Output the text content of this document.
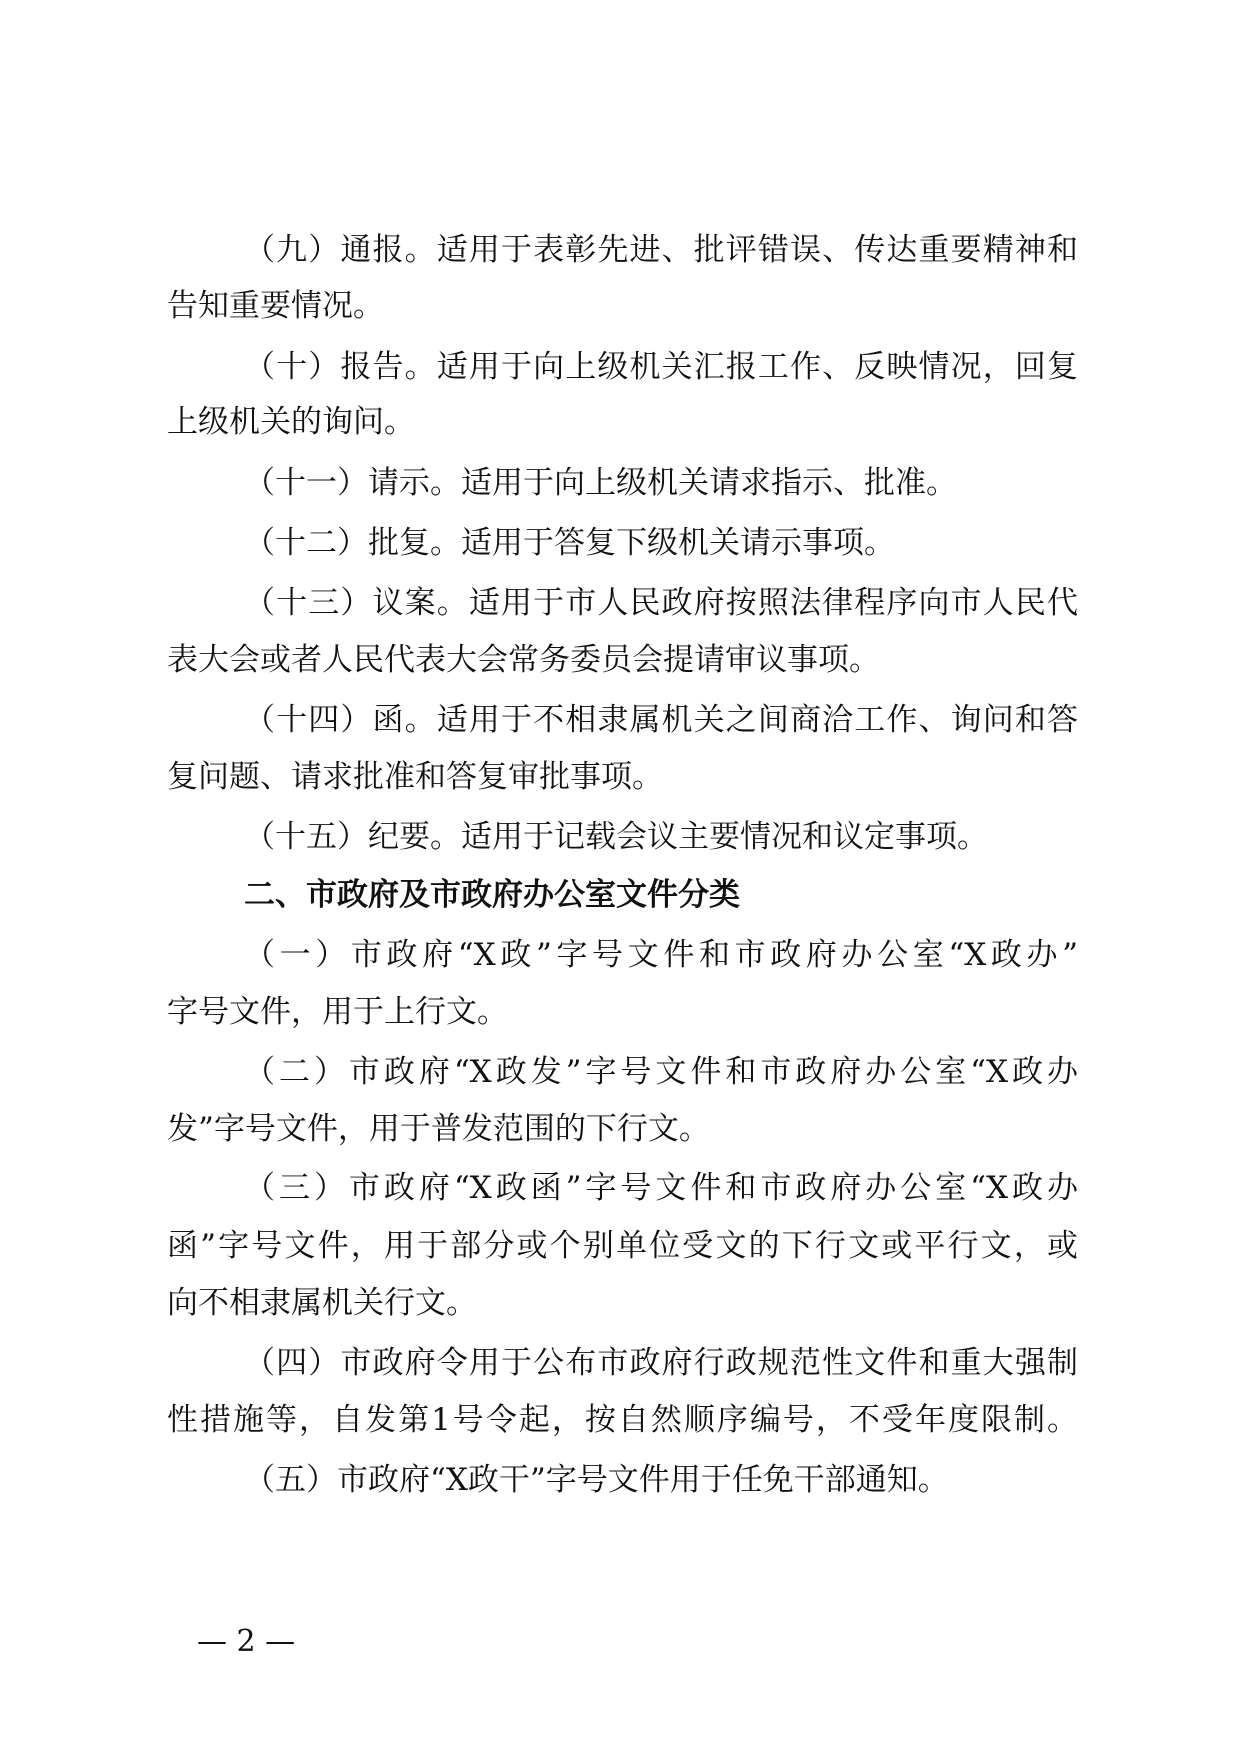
（九）通报。适用于表彰先进、批评错误、传达重要精神和
告知重要情况。
（十）报告。适用于向上级机关汇报工作、反映情况，回复
上级机关的询问。
（十一）请示。适用于向上级机关请求指示、批准。
（十二）批复。适用于答复下级机关请示事项。
（十三）议案。适用于市人民政府按照法律程序向市人民代
表大会或者人民代表大会常务委员会提请审议事项。
（十四）函。适用于不相隶属机关之间商洽工作、询问和答
复问题、请求批准和答复审批事项。
（十五）纪要。适用于记载会议主要情况和议定事项。
二、市政府及市政府办公室文件分类
（一）市政府“X政”字号文件和市政府办公室“X政办”
字号文件，用于上行文。
（二）市政府“X政发”字号文件和市政府办公室“X政办
发”字号文件，用于普发范围的下行文。
（三）市政府“X政函”字号文件和市政府办公室“X政办
函”字号文件，用于部分或个别单位受文的下行文或平行文，或
向不相隶属机关行文。
（四）市政府令用于公布市政府行政规范性文件和重大强制
性措施等，自发第1号令起，按自然顺序编号，不受年度限制。
（五）市政府“X政干”字号文件用于任免干部通知。
— 2 —
